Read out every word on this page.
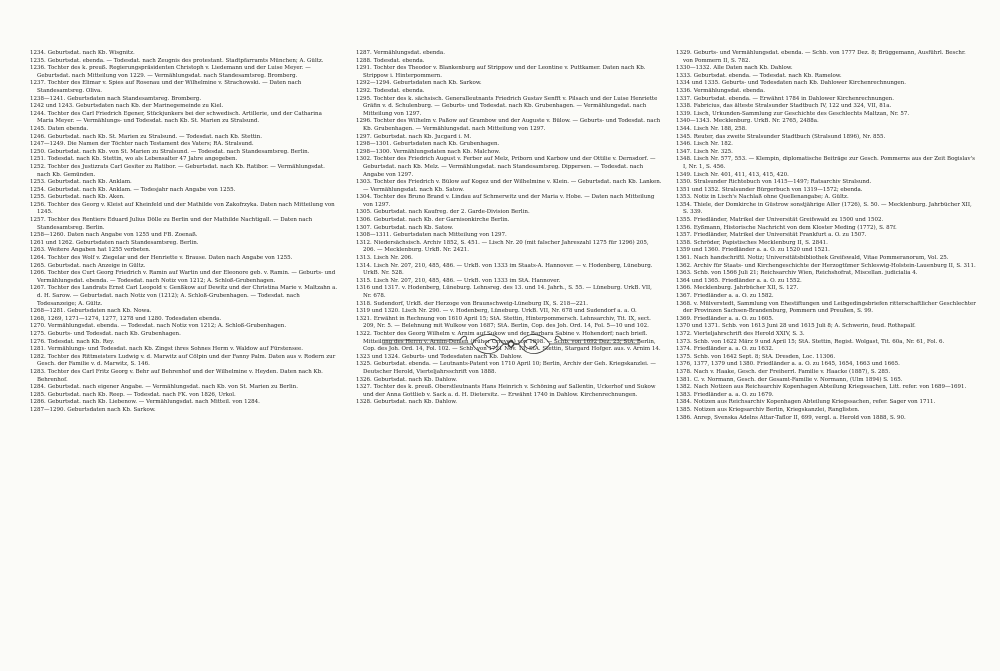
1234. Geburtsdat. nach Kb. Wisgnitz.

1235. Geburtsdat. ebenda. — Todesdat. nach Zeugnis des protestant. Stadtpfarramts München; A. Gültz.

1236. Tochter des k. preuß. Regierungspräsidenten Christoph v. Liedemann und der Luise Meyer. — Geburtsdat. nach Mitteilung von 1229. — Vermählungsdat. nach Standesamtsreg. Bromberg.

1237. Tochter des Elimar v. Spies auf Rosenau und der Wilhelmine v. Strachowski. — Daten nach Standesamtsreg. Oliva.

1238—1241. Geburtsdaten nach Standesamtsreg. Bromberg.

1242 und 1243. Geburtsdaten nach Kb. der Marinegemeinde zu Kiel.

1244. Tochter des Carl Friedrich Egener, Stückjunkers bei der schwedisch. Artillerie, und der Catharina Maria Meyer. — Vermählungs- und Todesdat. nach Kb. St. Marien zu Stralsund.

1245. Daten ebenda.

1246. Geburtsdat. nach Kb. St. Marien zu Stralsund. — Todesdat. nach Kb. Stettin.

1247—1249. Die Namen der Töchter nach Testament des Vaters; RA. Stralsund.

1250. Geburtsdat. nach Kb. von St. Marien zu Stralsund. — Todesdat. nach Standesamtsreg. Berlin.

1251. Todesdat. nach Kb. Stettin, wo als Lebensalter 47 Jahre angegeben.

1252. Tochter des Justizrats Carl Gesiter zu Ratibor. — Geburtsdat. nach Kb. Ratibor. — Vermählungsdat. nach Kb. Gemünden.

1253. Geburtsdat. nach Kb. Anklam.

1254. Geburtsdat. nach Kb. Anklam. — Todesjahr nach Angabe von 1255.

1255. Geburtsdat. nach Kb. Aken.

1256. Tochter des Georg v. Kleist auf Kheinfeld und der Mathilde von Zakofrzyka. Daten nach Mitteilung von 1245.

1257. Tochter des Rentiers Eduard Julius Dölle zu Berlin und der Mathilde Nachtigall. — Daten nach Standesamtsreg. Berlin.

1258—1260. Daten nach Angabe von 1255 und FB. Zoenaß.

1261 und 1262. Geburtsdaten nach Standesamtsreg. Berlin.

1263. Weitere Angaben hat 1255 verbeten.

1264. Tochter des Wolf v. Ziegelar und der Henriette v. Brause. Daten nach Angabe von 1255.

1265. Geburtsdat. nach Anzeige in Gültz.

1266. Tochter des Curt Georg Friedrich v. Ramin auf Wartin und der Eleonore geb. v. Ramin. — Geburts- und Vermählungsdat. ebenda. — Todesdat. nach Notiz von 1212; A. Schloß-Grubenhagen.

1267. Tochter des Landrats Ernst Carl Leopold v. Genßkow auf Dewitz und der Christina Marie v. Maltzahn a. d. H. Sarow. — Geburtsdat. nach Notiz von (1212); A. Schloß-Grubenhagen. — Todesdat. nach Todesanzeige; A. Gültz.

1268—1281. Geburtsdaten nach Kb. Nowa.

1268, 1269, 1271—1274, 1277, 1278 und 1280. Todesdaten ebenda.

1270. Vermählungsdat. ebenda. — Todesdat. nach Notiz von 1212; A. Schloß-Grubenhagen.

1275. Geburts- und Todesdat. nach Kb. Grubenhagen.

1276. Todesdat. nach Kb. Rey.

1281. Vermählungs- und Todesdat. nach Kb. Zingst ihres Sohnes Herm v. Waldow auf Fürstensee.

1282. Tochter des Rittmeisters Ludwig v. d. Marwitz auf Cölpin und der Fanny Palm. Daten aus v. Rodern zur Gesch. der Familie v. d. Marwitz, S. 146.

1283. Tochter des Carl Fritz Georg v. Behr auf Behrenhof und der Wilhelmine v. Heyden. Daten nach Kb. Behrenhof.

1284. Geburtsdat. nach eigener Angabe. — Vermählungsdat. nach Kb. von St. Marien zu Berlin.

1285. Geburtsdat. nach Kb. Reep. — Todesdat. nach FK. von 1826, Urkol.

1286. Geburtsdat. nach Kb. Liebenow. — Vermählungsdat. nach Mitteil. von 1284.

1287—1290. Geburtsdaten nach Kb. Sarkow.

1287. Vermählungsdat. ebenda.

1288. Todesdat. ebenda.

1291. Tochter des Theodor v. Blankenburg auf Strippow und der Leontine v. Puttkamer. Daten nach Kb. Strippow i. Hinterpommern.

1292—1294. Geburtsdaten nach Kb. Sarkow.

1292. Todesdat. ebenda.

1295. Tochter des k. sächsisch. Generalleutnants Friedrich Gustav Senfft v. Pilsach und der Luise Henriette Gräfin v. d. Schulenburg. — Geburts- und Todesdat. nach Kb. Grubenhagen. — Vermählungsdat. nach Mitteilung von 1297.

1296. Tochter des Wilhelm v. Paßow auf Grambow und der Auguste v. Bülow. — Geburts- und Todesdat. nach Kb. Grubenhagen. — Vermählungsdat. nach Mitteilung von 1297.

1297. Geburtsdat. nach Kb. Jucgard i. M.

1298—1301. Geburtsdaten nach Kb. Grubenhagen.

1298—1300. Vermählungsdaten nach Kb. Malchow.

1302. Tochter des Friedrich August v. Ferber auf Melz, Priborn und Karbow und der Ottilie v. Dernsdorf. — Geburtsdat. nach Kb. Melz. — Vermählungsdat. nach Standesamtsreg. Dippersen. — Todesdat. nach Angabe von 1297.

1303. Tochter des Friedrich v. Bülow auf Kogez und der Wilhelmine v. Klein. — Geburtsdat. nach Kb. Lanken. — Vermählungsdat. nach Kb. Satow.

1304. Tochter des Bruno Brand v. Lindau auf Schmerwitz und der Maria v. Hobe. — Daten nach Mitteilung von 1297.

1305. Geburtsdat. nach Kaufreg. der 2. Garde-Division Berlin.

1306. Geburtsdat. nach Kb. der Garnisonkirche Berlin.

1307. Geburtsdat. nach Kb. Satow.

1308—1311. Geburtsdaten nach Mitteilung von 1297.

1312. Niedersächsisch. Archiv 1852, S. 451. — Lisch Nr. 20 (mit falscher Jahreszahl 1275 für 1296) 205, 206. — Mecklenburg. UrkB. Nr. 2421.

1313. Lisch Nr. 206.

1314. Lisch Nr. 207, 210, 485, 486. — UrkB. von 1333 im Staats-A. Hannover. — v. Hodenberg, Lüneburg. UrkB. Nr. 528.

1315. Lisch Nr. 207, 210, 485, 486. — UrkB. von 1333 im StA. Hannover.

1316 und 1317. v. Hodenberg, Lüneburg. Lehnsreg. des 13. und 14. Jahrh., S. 55. — Lüneburg. UrkB. VII, Nr. 678.

1318. Sudendorf, UrkB. der Herzoge von Braunschweig-Lüneburg IX, S. 218—221.

1319 und 1320. Lisch Nr. 290. — v. Hodenberg, Lüneburg. UrkB. VII, Nr. 678 und Sudendorf a. a. O.

1321. Erwähnt in Rechnung von 1610 April 15; StA. Stettin, Hinterpommersch. Lehnsarchiv, Tit. IX, sect. 209, Nr. 5. — Belehnung mit Wulkow von 1687; StA. Berlin, Cop. des Joh. Ord. 14, Fol. 5—10 und 102.

1322. Tochter des Georg Wilhelm v. Arnim auf Sukow und der Barbara Sabine v. Hohendorf; nach briefl. Mitteilung des Herrn v. Arnim-Denlen (früher Crieven) von 1898. — Schb. von 1692 Dez. 23; StA. Berlin, Cop. des Joh. Ord. 14, Fol. 102. — Schb. von 1721 Nov. 13; StA. Stettin, Stargard Hofger. aus. v. Arnim 14.

1323 und 1324. Geburts- und Todesdaten nach Kb. Dahlow.

1325. Geburtsdat. ebenda. — Leutnants-Patent von 1710 April 10; Berlin, Archiv der Geh. Kriegskanzlei. — Deutscher Herold, Vierteljahrsschrift von 1888.

1326. Geburtsdat. nach Kb. Dahlow.

1327. Tochter des k. preuß. Oberstleutnants Hans Heinrich v. Schöning auf Sallentin, Uckerhof und Sukow und der Anna Gottlieb v. Sack a. d. H. Dietersitz. — Erwähnt 1740 in Dahlow. Kirchenrechnungen.

1328. Geburtsdat. nach Kb. Dahlow.

1329. Geburts- und Vermählungsdat. ebenda. — Schb. von 1777 Dez. 8; Brüggemann, Ausführl. Beschr. von Pommern II, S. 782.

1330—1332. Alle Daten nach Kb. Dahlow.

1333. Geburtsdat. ebenda. — Todesdat. nach Kb. Ramelow.

1334 und 1335. Geburts- und Todesdaten nach Kb. Dahlower Kirchenrechnungen.

1336. Vermählungsdat. ebenda.

1337. Geburtsdat. ebenda. — Erwähnt 1784 in Dahlower Kirchenrechnungen.

1338. Fabricius, das älteste Stralsunder Stadtbuch IV, 122 und 324, VII, 81a.

1339. Lisch, Urkunden-Sammlung zur Geschichte des Geschlechts Maltzan, Nr. 57.

1340—1343. Mecklenburg. UrkB. Nr. 2765, 2488a.

1344. Lisch Nr. 188, 258.

1345. Reuter, das zweite Stralsunder Stadtbuch (Stralsund 1896), Nr. 855.

1346. Lisch Nr. 182.

1347. Lisch Nr. 325.

1348. Lisch Nr. 577, 553. — Klempin, diplomatische Beiträge zur Gesch. Pommerns aus der Zeit Bogislav's I, Nr. 1, S. 456.

1349. Lisch Nr. 401, 411, 413, 415, 420.

1350. Stralsunder Richtebuch von 1415—1497; Ratsarchiv Stralsund.

1351 und 1352. Stralsunder Bürgerbuch von 1319—1572; ebenda.

1353. Notiz in Lisch's Nachlaß ohne Quellenangabe; A. Gültz.

1354. Thiele, der Domkirche in Güstrow sonstjährige Aller (1726), S. 50. — Mecklenburg. Jahrbücher XII, S. 339.

1355. Friedländer, Matrikel der Universität Greifswald zu 1500 und 1502.

1356. Eyßmann, Historische Nachricht von dem Kloster Meding (1772), S. 87f.

1357. Friedländer, Matrikel der Universität Frankfurt a. O. zu 1507.

1358. Schröder, Papistisches Mecklenburg II, S. 2841.

1359 und 1360. Friedländer a. a. O. zu 1520 und 1521.

1361. Nach handschriftl. Notiz; Universitätsbibliothek Greifswald, Vitae Pommeranorum, Vol. 25.

1362. Archiv für Staats- und Kirchengeschichte der Herzogtümer Schleswig-Holstein-Lauenburg II, S. 311.

1363. Schb. von 1566 Juli 21; Reichsarchiv Wien, Reichshofrat, Miscellan. judicialia 4.

1364 und 1365. Friedländer a. a. O. zu 1552.

1366. Mecklenburg. Jahrbücher XII, S. 127.

1367. Friedländer a. a. O. zu 1582.

1368. v. Mülverstedt, Sammlung von Ehestiftungen und Leibgedingsbriefen ritterschaftlicher Geschlechter der Provinzen Sachsen-Brandenburg, Pommern und Preußen, S. 99.

1369. Friedländer a. a. O. zu 1605.

1370 und 1371. Schb. von 1613 Juni 28 und 1615 Juli 8; A. Schwerin, feud. Rothspalf.

1372. Vierteljahrschrift des Herold XXIV, S. 3.

1373. Schb. von 1622 März 9 und April 15; StA. Stettin, Regist. Wolgast, Tit. 60a, Nr. 61, Fol. 6.

1374. Friedländer a. a. O. zu 1632.

1375. Schb. von 1642 Sept. 8; StA. Dresden, Loc. 11306.

1376, 1377, 1379 und 1380. Friedländer a. a. O. zu 1645, 1654, 1663 und 1665.

1378. Nach v. Haake, Gesch. der Freiherrl. Familie v. Haacke (1887), S. 285.

1381. C. v. Normann, Gesch. der Gesamt-Familie v. Normann, (Ulm 1894) S. 165.

1382. Nach Notizen aus Reichsarchiv Kopenhagen Abteilung Kriegssachen, Litt. refer. von 1689—1691.

1383. Friedländer a. a. O. zu 1679.

1384. Notizen aus Reichsarchiv Kopenhagen Abteilung Kriegssachen, refer. Sager von 1711.

1385. Notizen aus Kriegsarchiv Berlin, Kriegskanzlei, Ranglisten.

1386. Anrep, Svenska Adelns Attar-Taflor II, 699, vergl. a. Herold von 1888, S. 90.
